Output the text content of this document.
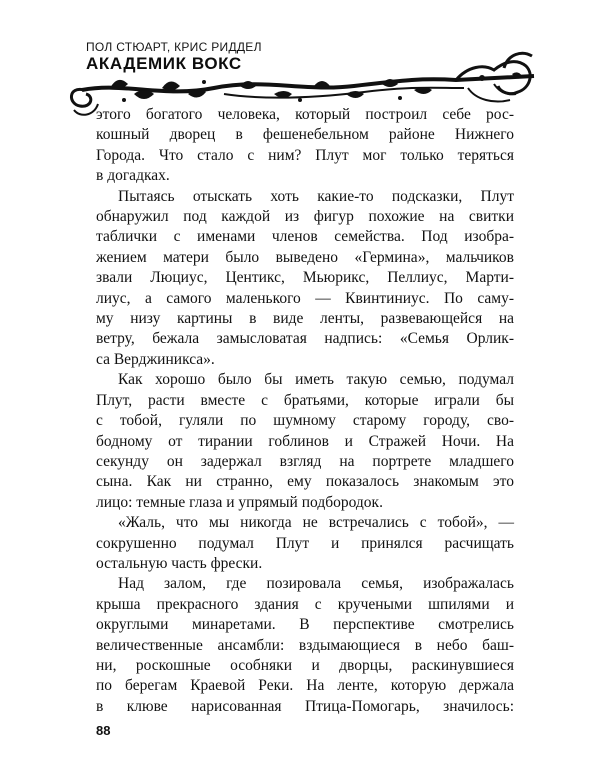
ПОЛ СТЮАРТ, КРИС РИДДЕЛ
АКАДЕМИК ВОКС

этого богатого человека, который построил себе рос-

кошный дворец в фешенебельном районе Нижнего

Города. Что стало с ним? Плут мог только теряться

в догадках.

Пытаясь отыскать хоть какие-то подсказки, Плут

обнаружил под каждой из фигур похожие на свитки

таблички с именами членов семейства. Под изобра-

жением матери было выведено «Гермина», мальчиков

звали Люциус, Центикс, Мьюрикс, Пеллиус, Марти-

лиус, а самого маленького — Квинтиниус. По саму-

му низу картины в виде ленты, развевающейся на

ветру, бежала замысловатая надпись: «Семья Орлик-

са Верджиникса».

Как хорошо было бы иметь такую семью, подумал

Плут, расти вместе с братьями, которые играли бы

с тобой, гуляли по шумному старому городу, сво-

бодному от тирании гоблинов и Стражей Ночи. На

секунду он задержал взгляд на портрете младшего

сына. Как ни странно, ему показалось знакомым это

лицо: темные глаза и упрямый подбородок.

«Жаль, что мы никогда не встречались с тобой», —

сокрушенно подумал Плут и принялся расчищать

остальную часть фрески.

Над залом, где позировала семья, изображалась

крыша прекрасного здания с кручеными шпилями и

округлыми минаретами. В перспективе смотрелись

величественные ансамбли: вздымающиеся в небо баш-

ни, роскошные особняки и дворцы, раскинувшиеся

по берегам Краевой Реки. На ленте, которую держала

в клюве нарисованная Птица-Помогарь, значилось:

88
